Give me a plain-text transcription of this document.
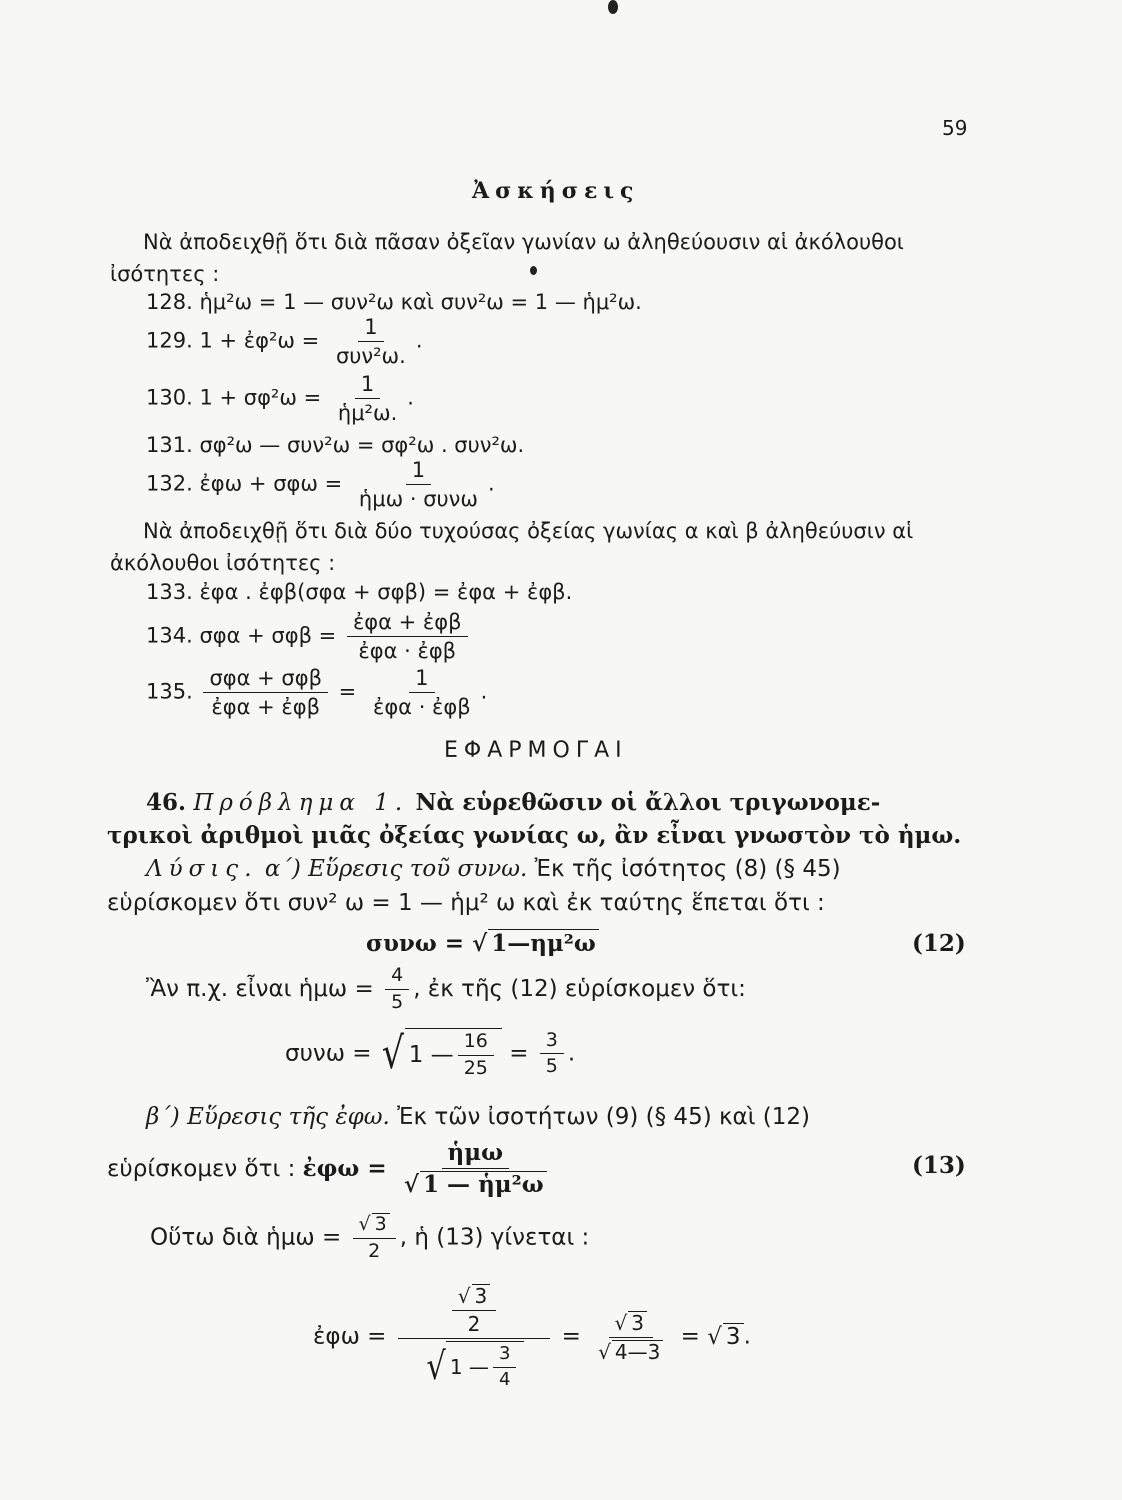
59
Ἀσκήσεις
Νὰ ἀποδειχθῇ ὅτι διὰ πᾶσαν ὀξεῖαν γωνίαν ω ἀληθεύουσιν αἱ ἀκόλουθοι
ἰσότητες :
128. ἡμ²ω = 1 — συν²ω καὶ συν²ω = 1 — ἡμ²ω.
129. 1 + ἐφ²ω = $\frac{1}{\text{συν²ω.}}$ .
130. $1 + \sigma\varphi^2\omega = \frac{1}{\text{ἡμ²ω.}}$ .
131. σφ²ω — συν²ω = σφ²ω . συν²ω.
132. ἐφω + $\sigma\varphi\omega = \frac{1}{\text{ἡμω · συνω}}$ .
Νὰ ἀποδειχθῇ ὅτι διὰ δύο τυχούσας ὀξείας γωνίας α καὶ β ἀληθεύυσιν αἱ
ἀκόλουθοι ἰσότητες :
133. ἐφα . ἐφβ(σφα + σφβ) = ἐφα + ἐφβ.
134. $\sigma\varphi\alpha + \sigma\varphi\beta = \frac{\text{ἐφα + ἐφβ}}{\text{ἐφα · ἐφβ}}$
135. $\frac{\text{σφα + σφβ}}{\text{ἐφα + ἐφβ}} = \frac{1}{\text{ἐφα · ἐφβ}}$ .
ΕΦΑΡΜΟΓΑΙ
46. Πρόβλημα 1. Νὰ εὑρεθῶσιν οἱ ἄλλοι τριγωνομε-
τρικοὶ ἀριθμοὶ μιᾶς ὀξείας γωνίας ω, ἂν εἶναι γνωστὸν τὸ ἡμω.
Λύσις. α΄) Εὕρεσις τοῦ συνω. Ἐκ τῆς ἰσότητος (8) (§ 45)
εὑρίσκομεν ὅτι συν² ω = 1 — ἡμ² ω καὶ ἐκ ταύτης ἕπεται ὅτι :
συνω = √ 1—ημ²ω	(12)
Ἂν π.χ. εἶναι ἡμω = $\frac{4}{5}$ , ἐκ τῆς (12) εὑρίσκομεν ὅτι:
συνω = √ 1 — $\frac{16}{25} = \frac{3}{5}$ .
β΄) Εὕρεσις τῆς ἐφω. Ἐκ τῶν ἰσοτήτων (9) (§ 45) καὶ (12)
εὑρίσκομεν ὅτι : ἐφω = $\frac{\text{ἡμω}}{\text{√ 1 — ἡμ²ω}}$	(13)
Οὕτω διὰ ἡμω = $\frac{√ 3}{2}$ , ἡ (13) γίνεται :
ἐφω = $\frac{\frac{√ 3}{2}}{√ 1 — \frac{3}{4}} = \frac{√ 3}{√ 4—3}$ = √ 3 .
